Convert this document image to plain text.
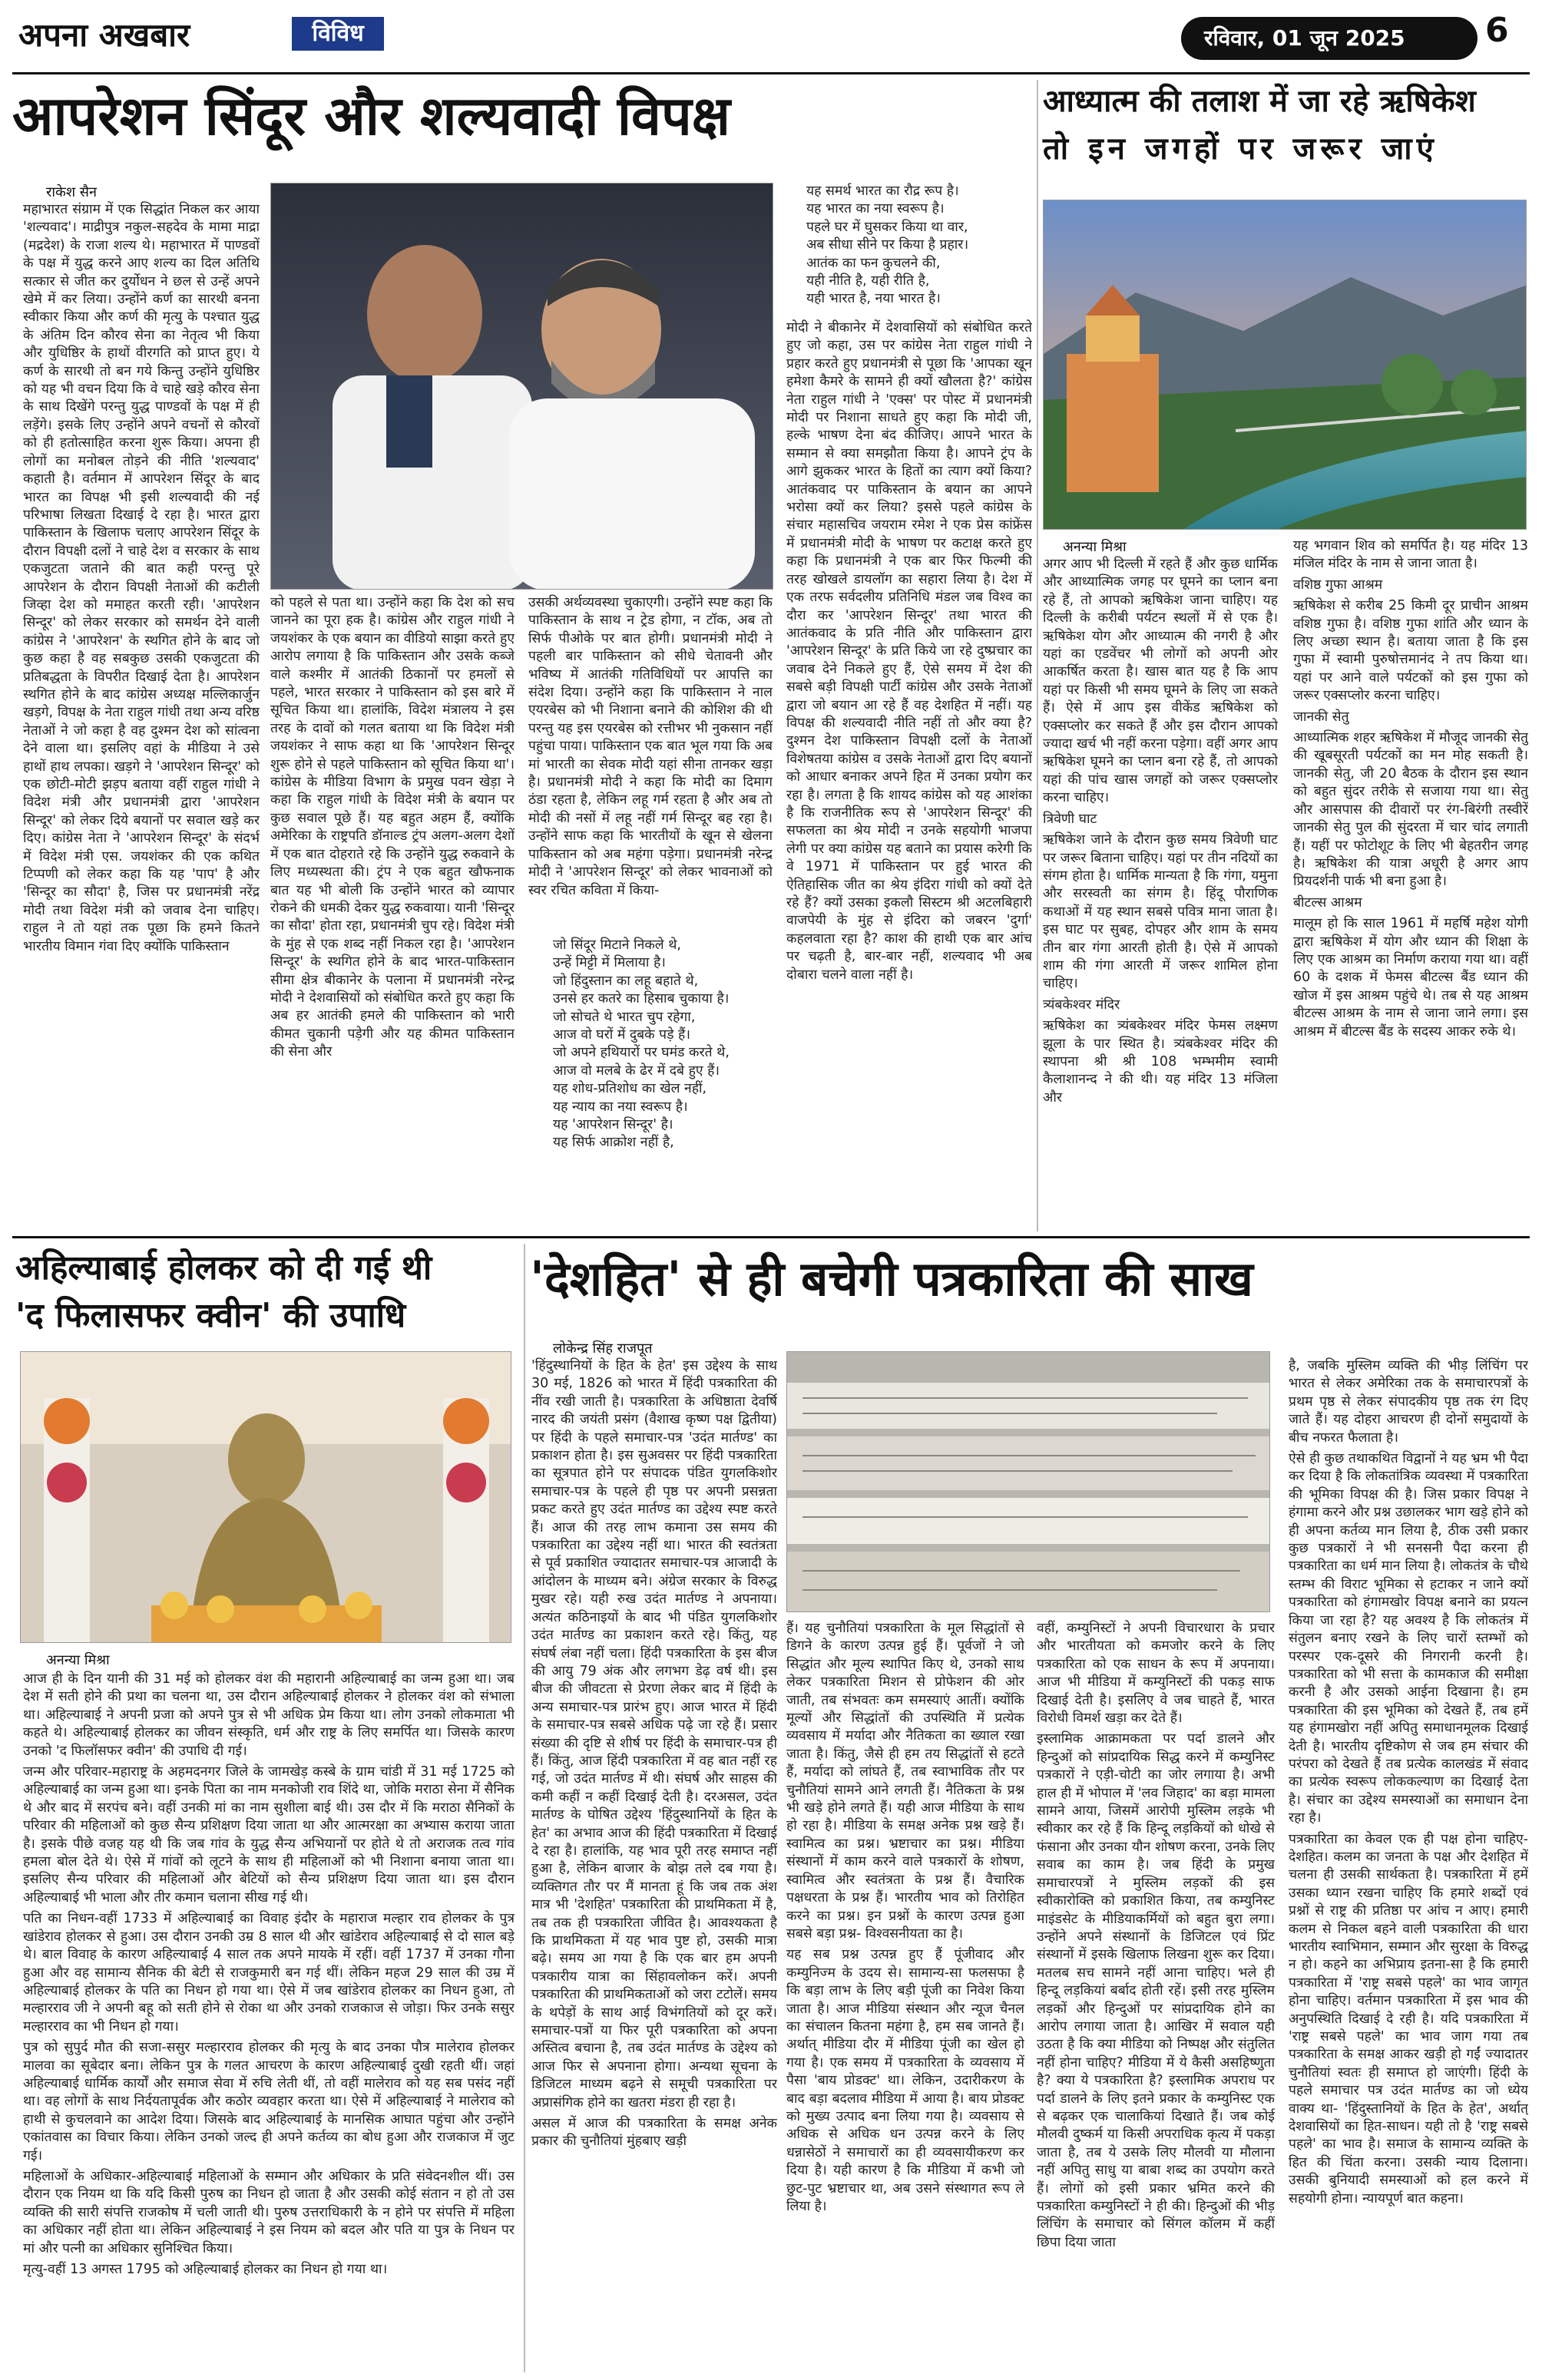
अपना अखबार	विविध	रविवार, 01 जून 2025	6
आपरेशन सिंदूर और शल्यवादी विपक्ष
राकेश सैन
महाभारत संग्राम में एक सिद्धांत निकल कर आया 'शल्यवाद'। माद्रीपुत्र नकुल-सहदेव के मामा माद्रा (मद्रदेश) के राजा शल्य थे। महाभारत में पाण्डवों के पक्ष में युद्ध करने आए शल्य का दिल अतिथि सत्कार से जीत कर दुर्योधन ने छल से उन्हें अपने खेमे में कर लिया। उन्होंने कर्ण का सारथी बनना स्वीकार किया और कर्ण की मृत्यु के पश्चात युद्ध के अंतिम दिन कौरव सेना का नेतृत्व भी किया और युधिष्ठिर के हाथों वीरगति को प्राप्त हुए। ये कर्ण के सारथी तो बन गये किन्तु उन्होंने युधिष्ठिर को यह भी वचन दिया कि वे चाहे खड़े कौरव सेना के साथ दिखेंगे परन्तु युद्ध पाण्डवों के पक्ष में ही लड़ेंगे। इसके लिए उन्होंने अपने वचनों से कौरवों को ही हतोत्साहित करना शुरू किया। अपना ही लोगों का मनोबल तोड़ने की नीति 'शल्यवाद' कहाती है। वर्तमान में आपरेशन सिंदूर के बाद भारत का विपक्ष भी इसी शल्यवादी की नई परिभाषा लिखता दिखाई दे रहा है। भारत द्वारा पाकिस्तान के खिलाफ चलाए आपरेशन सिंदूर के दौरान विपक्षी दलों ने चाहे देश व सरकार के साथ एकजुटता जताने की बात कही परन्तु पूरे आपरेशन के दौरान विपक्षी नेताओं की कटीली जिव्हा देश को ममाहत करती रही। 'आपरेशन सिन्दूर' को लेकर सरकार को समर्थन देने वाली कांग्रेस ने 'आपरेशन' के स्थगित होने के बाद जो कुछ कहा है वह सबकुछ उसकी एकजुटता की प्रतिबद्धता के विपरीत दिखाई देता है। आपरेशन स्थगित होने के बाद कांग्रेस अध्यक्ष मल्लिकार्जुन खड़गे, विपक्ष के नेता राहुल गांधी तथा अन्य वरिष्ठ नेताओं ने जो कहा है वह दुश्मन देश को सांत्वना देने वाला था। इसलिए वहां के मीडिया ने उसे हाथों हाथ लपका। खड़गे ने 'आपरेशन सिन्दूर' को एक छोटी-मोटी झड़प बताया वहीं राहुल गांधी ने विदेश मंत्री और प्रधानमंत्री द्वारा 'आपरेशन सिन्दूर' को लेकर दिये बयानों पर सवाल खड़े कर दिए। कांग्रेस नेता ने 'आपरेशन सिन्दूर' के संदर्भ में विदेश मंत्री एस. जयशंकर की एक कथित टिप्पणी को लेकर कहा कि यह 'पाप' है और 'सिन्दूर का सौदा' है, जिस पर प्रधानमंत्री नरेंद्र मोदी तथा विदेश मंत्री को जवाब देना चाहिए। राहुल ने तो यहां तक पूछा कि हमने कितने भारतीय विमान गंवा दिए क्योंकि पाकिस्तान
को पहले से पता था। उन्होंने कहा कि देश को सच जानने का पूरा हक है। कांग्रेस और राहुल गांधी ने जयशंकर के एक बयान का वीडियो साझा करते हुए आरोप लगाया है कि पाकिस्तान और उसके कब्जे वाले कश्मीर में आतंकी ठिकानों पर हमलों से पहले, भारत सरकार ने पाकिस्तान को इस बारे में सूचित किया था। हालांकि, विदेश मंत्रालय ने इस तरह के दावों को गलत बताया था कि विदेश मंत्री जयशंकर ने साफ कहा था कि 'आपरेशन सिन्दूर शुरू होने से पहले पाकिस्तान को सूचित किया था'। कांग्रेस के मीडिया विभाग के प्रमुख पवन खेड़ा ने कहा कि राहुल गांधी के विदेश मंत्री के बयान पर कुछ सवाल पूछे हैं। यह बहुत अहम हैं, क्योंकि अमेरिका के राष्ट्रपति डॉनाल्ड ट्रंप अलग-अलग देशों में एक बात दोहराते रहे कि उन्होंने युद्ध रुकवाने के लिए मध्यस्थता की। ट्रंप ने एक बहुत खौफनाक बात यह भी बोली कि उन्होंने भारत को व्यापार रोकने की धमकी देकर युद्ध रुकवाया। यानी 'सिन्दूर का सौदा' होता रहा, प्रधानमंत्री चुप रहे। विदेश मंत्री के मुंह से एक शब्द नहीं निकल रहा है। 'आपरेशन सिन्दूर' के स्थगित होने के बाद भारत-पाकिस्तान सीमा क्षेत्र बीकानेर के पलाना में प्रधानमंत्री नरेन्द्र मोदी ने देशवासियों को संबोधित करते हुए कहा कि अब हर आतंकी हमले की पाकिस्तान को भारी कीमत चुकानी पड़ेगी और यह कीमत पाकिस्तान की सेना और
उसकी अर्थव्यवस्था चुकाएगी। उन्होंने स्पष्ट कहा कि पाकिस्तान के साथ न ट्रेड होगा, न टॉक, अब तो सिर्फ पीओके पर बात होगी। प्रधानमंत्री मोदी ने पहली बार पाकिस्तान को सीधे चेतावनी और भविष्य में आतंकी गतिविधियों पर आपत्ति का संदेश दिया। उन्होंने कहा कि पाकिस्तान ने नाल एयरबेस को भी निशाना बनाने की कोशिश की थी परन्तु यह इस एयरबेस को रत्तीभर भी नुकसान नहीं पहुंचा पाया। पाकिस्तान एक बात भूल गया कि अब मां भारती का सेवक मोदी यहां सीना तानकर खड़ा है। प्रधानमंत्री मोदी ने कहा कि मोदी का दिमाग ठंडा रहता है, लेकिन लहू गर्म रहता है और अब तो मोदी की नसों में लहू नहीं गर्म सिन्दूर बह रहा है। उन्होंने साफ कहा कि भारतीयों के खून से खेलना पाकिस्तान को अब महंगा पड़ेगा। प्रधानमंत्री नरेन्द्र मोदी ने 'आपरेशन सिन्दूर' को लेकर भावनाओं को स्वर रचित कविता में किया-

जो सिंदूर मिटाने निकले थे,

उन्हें मिट्टी में मिलाया है।

जो हिंदुस्तान का लहू बहाते थे,

उनसे हर कतरे का हिसाब चुकाया है।

जो सोचते थे भारत चुप रहेगा,

आज वो घरों में दुबके पड़े हैं।

जो अपने हथियारों पर घमंड करते थे,

आज वो मलबे के ढेर में दबे हुए हैं।

यह शोध-प्रतिशोध का खेल नहीं,

यह न्याय का नया स्वरूप है।

यह 'आपरेशन सिन्दूर' है।

यह सिर्फ आक्रोश नहीं है,

यह समर्थ भारत का रौद्र रूप है।

यह भारत का नया स्वरूप है।

पहले घर में घुसकर किया था वार,

अब सीधा सीने पर किया है प्रहार।

आतंक का फन कुचलने की,

यही नीति है, यही रीति है,

यही भारत है, नया भारत है।

मोदी ने बीकानेर में देशवासियों को संबोधित करते हुए जो कहा, उस पर कांग्रेस नेता राहुल गांधी ने प्रहार करते हुए प्रधानमंत्री से पूछा कि 'आपका खून हमेशा कैमरे के सामने ही क्यों खौलता है?' कांग्रेस नेता राहुल गांधी ने 'एक्स' पर पोस्ट में प्रधानमंत्री मोदी पर निशाना साधते हुए कहा कि मोदी जी, हल्के भाषण देना बंद कीजिए। आपने भारत के सम्मान से क्या समझौता किया है। आपने ट्रंप के आगे झुककर भारत के हितों का त्याग क्यों किया? आतंकवाद पर पाकिस्तान के बयान का आपने भरोसा क्यों कर लिया? इससे पहले कांग्रेस के संचार महासचिव जयराम रमेश ने एक प्रेस कांफ्रेंस में प्रधानमंत्री मोदी के भाषण पर कटाक्ष करते हुए कहा कि प्रधानमंत्री ने एक बार फिर फिल्मी की तरह खोखले डायलॉग का सहारा लिया है। देश में एक तरफ सर्वदलीय प्रतिनिधि मंडल जब विश्व का दौरा कर 'आपरेशन सिन्दूर' तथा भारत की आतंकवाद के प्रति नीति और पाकिस्तान द्वारा 'आपरेशन सिन्दूर' के प्रति किये जा रहे दुष्प्रचार का जवाब देने निकले हुए हैं, ऐसे समय में देश की सबसे बड़ी विपक्षी पार्टी कांग्रेस और उसके नेताओं द्वारा जो बयान आ रहे हैं वह देशहित में नहीं। यह विपक्ष की शल्यवादी नीति नहीं तो और क्या है? दुश्मन देश पाकिस्तान विपक्षी दलों के नेताओं विशेषतया कांग्रेस व उसके नेताओं द्वारा दिए बयानों को आधार बनाकर अपने हित में उनका प्रयोग कर रहा है। लगता है कि शायद कांग्रेस को यह आशंका है कि राजनीतिक रूप से 'आपरेशन सिन्दूर' की सफलता का श्रेय मोदी न उनके सहयोगी भाजपा लेगी पर क्या कांग्रेस यह बताने का प्रयास करेगी कि वे 1971 में पाकिस्तान पर हुई भारत की ऐतिहासिक जीत का श्रेय इंदिरा गांधी को क्यों देते रहे हैं? क्यों उसका इकलौ सिस्टम श्री अटलबिहारी वाजपेयी के मुंह से इंदिरा को जबरन 'दुर्गा' कहलवाता रहा है? काश की हाथी एक बार आंच पर चढ़ती है, बार-बार नहीं, शल्यवाद भी अब दोबारा चलने वाला नहीं है।
आध्यात्म की तलाश में जा रहे ऋषिकेश
तो इन जगहों पर जरूर जाएं
अनन्या मिश्रा

अगर आप भी दिल्ली में रहते हैं और कुछ धार्मिक और आध्यात्मिक जगह पर घूमने का प्लान बना रहे हैं, तो आपको ऋषिकेश जाना चाहिए। यह दिल्ली के करीबी पर्यटन स्थलों में से एक है। ऋषिकेश योग और आध्यात्म की नगरी है और यहां का एडवेंचर भी लोगों को अपनी ओर आकर्षित करता है। खास बात यह है कि आप यहां पर किसी भी समय घूमने के लिए जा सकते हैं। ऐसे में आप इस वीकेंड ऋषिकेश को एक्सप्लोर कर सकते हैं और इस दौरान आपको ज्यादा खर्च भी नहीं करना पड़ेगा। वहीं अगर आप ऋषिकेश घूमने का प्लान बना रहे हैं, तो आपको यहां की पांच खास जगहों को जरूर एक्सप्लोर करना चाहिए।

त्रिवेणी घाट

ऋषिकेश जाने के दौरान कुछ समय त्रिवेणी घाट पर जरूर बिताना चाहिए। यहां पर तीन नदियों का संगम होता है। धार्मिक मान्यता है कि गंगा, यमुना और सरस्वती का संगम है। हिंदू पौराणिक कथाओं में यह स्थान सबसे पवित्र माना जाता है। इस घाट पर सुबह, दोपहर और शाम के समय तीन बार गंगा आरती होती है। ऐसे में आपको शाम की गंगा आरती में जरूर शामिल होना चाहिए।

त्र्यंबकेश्वर मंदिर

ऋषिकेश का त्र्यंबकेश्वर मंदिर फेमस लक्ष्मण झूला के पार स्थित है। त्र्यंबकेश्वर मंदिर की स्थापना श्री श्री 108 भम्भमीम स्वामी कैलाशानन्द ने की थी। यह मंदिर 13 मंजिला और

यह भगवान शिव को समर्पित है। यह मंदिर 13 मंजिल मंदिर के नाम से जाना जाता है।

वशिष्ठ गुफा आश्रम

ऋषिकेश से करीब 25 किमी दूर प्राचीन आश्रम वशिष्ठ गुफा है। वशिष्ठ गुफा शांति और ध्यान के लिए अच्छा स्थान है। बताया जाता है कि इस गुफा में स्वामी पुरुषोत्तमानंद ने तप किया था। यहां पर आने वाले पर्यटकों को इस गुफा को जरूर एक्सप्लोर करना चाहिए।

जानकी सेतु

आध्यात्मिक शहर ऋषिकेश में मौजूद जानकी सेतु की खूबसूरती पर्यटकों का मन मोह सकती है। जानकी सेतु, जी 20 बैठक के दौरान इस स्थान को बहुत सुंदर तरीके से सजाया गया था। सेतु और आसपास की दीवारों पर रंग-बिरंगी तस्वीरें जानकी सेतु पुल की सुंदरता में चार चांद लगाती हैं। यहीं पर फोटोशूट के लिए भी बेहतरीन जगह है। ऋषिकेश की यात्रा अधूरी है अगर आप प्रियदर्शनी पार्क भी बना हुआ है।

बीटल्स आश्रम

मालूम हो कि साल 1961 में महर्षि महेश योगी द्वारा ऋषिकेश में योग और ध्यान की शिक्षा के लिए एक आश्रम का निर्माण कराया गया था। वहीं 60 के दशक में फेमस बीटल्स बैंड ध्यान की खोज में इस आश्रम पहुंचे थे। तब से यह आश्रम बीटल्स आश्रम के नाम से जाना जाने लगा। इस आश्रम में बीटल्स बैंड के सदस्य आकर रुके थे।

अहिल्याबाई होलकर को दी गई थी
'द फिलासफर क्वीन' की उपाधि
अनन्या मिश्रा

आज ही के दिन यानी की 31 मई को होलकर वंश की महारानी अहिल्याबाई का जन्म हुआ था। जब देश में सती होने की प्रथा का चलना था, उस दौरान अहिल्याबाई होलकर ने होलकर वंश को संभाला था। अहिल्याबाई ने अपनी प्रजा को अपने पुत्र से भी अधिक प्रेम किया था। लोग उनको लोकमाता भी कहते थे। अहिल्याबाई होलकर का जीवन संस्कृति, धर्म और राष्ट्र के लिए समर्पित था। जिसके कारण उनको 'द फिलॉसफर क्वीन' की उपाधि दी गई।

जन्म और परिवार-महाराष्ट्र के अहमदनगर जिले के जामखेड़ कस्बे के ग्राम चांडी में 31 मई 1725 को अहिल्याबाई का जन्म हुआ था। इनके पिता का नाम मनकोजी राव शिंदे था, जोकि मराठा सेना में सैनिक थे और बाद में सरपंच बने। वहीं उनकी मां का नाम सुशीला बाई थी। उस दौर में कि मराठा सैनिकों के परिवार की महिलाओं को कुछ सैन्य प्रशिक्षण दिया जाता था और आत्मरक्षा का अभ्यास कराया जाता है। इसके पीछे वजह यह थी कि जब गांव के युद्ध सैन्य अभियानों पर होते थे तो अराजक तत्व गांव हमला बोल देते थे। ऐसे में गांवों को लूटने के साथ ही महिलाओं को भी निशाना बनाया जाता था। इसलिए सैन्य परिवार की महिलाओं और बेटियों को सैन्य प्रशिक्षण दिया जाता था। इस दौरान अहिल्याबाई भी भाला और तीर कमान चलाना सीख गई थी।

पति का निधन-वहीं 1733 में अहिल्याबाई का विवाह इंदौर के महाराज मल्हार राव होलकर के पुत्र खांडेराव होलकर से हुआ। उस दौरान उनकी उम्र 8 साल थी और खांडेराव अहिल्याबाई से दो साल बड़े थे। बाल विवाह के कारण अहिल्याबाई 4 साल तक अपने मायके में रहीं। वहीं 1737 में उनका गौना हुआ और वह सामान्य सैनिक की बेटी से राजकुमारी बन गई थीं। लेकिन महज 29 साल की उम्र में अहिल्याबाई होलकर के पति का निधन हो गया था। ऐसे में जब खांडेराव होलकर का निधन हुआ, तो मल्हारराव जी ने अपनी बहू को सती होने से रोका था और उनको राजकाज से जोड़ा। फिर उनके ससुर मल्हारराव का भी निधन हो गया।

पुत्र को सुपुर्द मौत की सजा-ससुर मल्हारराव होलकर की मृत्यु के बाद उनका पौत्र मालेराव होलकर मालवा का सूबेदार बना। लेकिन पुत्र के गलत आचरण के कारण अहिल्याबाई दुखी रहती थीं। जहां अहिल्याबाई धार्मिक कार्यों और समाज सेवा में रुचि लेती थीं, तो वहीं मालेराव को यह सब पसंद नहीं था। वह लोगों के साथ निर्दयतापूर्वक और कठोर व्यवहार करता था। ऐसे में अहिल्याबाई ने मालेराव को हाथी से कुचलवाने का आदेश दिया। जिसके बाद अहिल्याबाई के मानसिक आघात पहुंचा और उन्होंने एकांतवास का विचार किया। लेकिन उनको जल्द ही अपने कर्तव्य का बोध हुआ और राजकाज में जुट गई।

महिलाओं के अधिकार-अहिल्याबाई महिलाओं के सम्मान और अधिकार के प्रति संवेदनशील थीं। उस दौरान एक नियम था कि यदि किसी पुरुष का निधन हो जाता है और उसकी कोई संतान न हो तो उस व्यक्ति की सारी संपत्ति राजकोष में चली जाती थी। पुरुष उत्तराधिकारी के न होने पर संपत्ति में महिला का अधिकार नहीं होता था। लेकिन अहिल्याबाई ने इस नियम को बदल और पति या पुत्र के निधन पर मां और पत्नी का अधिकार सुनिश्चित किया।

मृत्यु-वहीं 13 अगस्त 1795 को अहिल्याबाई होलकर का निधन हो गया था।

'देशहित' से ही बचेगी पत्रकारिता की साख
लोकेन्द्र सिंह राजपूत

'हिंदुस्थानियों के हित के हेत' इस उद्देश्य के साथ 30 मई, 1826 को भारत में हिंदी पत्रकारिता की नींव रखी जाती है। पत्रकारिता के अधिष्ठाता देवर्षि नारद की जयंती प्रसंग (वैशाख कृष्ण पक्ष द्वितीया) पर हिंदी के पहले समाचार-पत्र 'उदंत मार्तण्ड' का प्रकाशन होता है। इस सुअवसर पर हिंदी पत्रकारिता का सूत्रपात होने पर संपादक पंडित युगलकिशोर समाचार-पत्र के पहले ही पृष्ठ पर अपनी प्रसन्नता प्रकट करते हुए उदंत मार्तण्ड का उद्देश्य स्पष्ट करते हैं। आज की तरह लाभ कमाना उस समय की पत्रकारिता का उद्देश्य नहीं था। भारत की स्वतंत्रता से पूर्व प्रकाशित ज्यादातर समाचार-पत्र आजादी के आंदोलन के माध्यम बने। अंग्रेज सरकार के विरुद्ध मुखर रहे। यही रुख उदंत मार्तण्ड ने अपनाया। अत्यंत कठिनाइयों के बाद भी पंडित युगलकिशोर उदंत मार्तण्ड का प्रकाशन करते रहे। किंतु, यह संघर्ष लंबा नहीं चला। हिंदी पत्रकारिता के इस बीज की आयु 79 अंक और लगभग डेढ़ वर्ष थी। इस बीज की जीवटता से प्रेरणा लेकर बाद में हिंदी के अन्य समाचार-पत्र प्रारंभ हुए। आज भारत में हिंदी के समाचार-पत्र सबसे अधिक पढ़े जा रहे हैं। प्रसार संख्या की दृष्टि से शीर्ष पर हिंदी के समाचार-पत्र ही हैं। किंतु, आज हिंदी पत्रकारिता में वह बात नहीं रह गई, जो उदंत मार्तण्ड में थी। संघर्ष और साहस की कमी कहीं न कहीं दिखाई देती है। दरअसल, उदंत मार्तण्ड के घोषित उद्देश्य 'हिंदुस्थानियों के हित के हेत' का अभाव आज की हिंदी पत्रकारिता में दिखाई दे रहा है। हालांकि, यह भाव पूरी तरह समाप्त नहीं हुआ है, लेकिन बाजार के बोझ तले दब गया है। व्यक्तिगत तौर पर मैं मानता हूं कि जब तक अंश मात्र भी 'देशहित' पत्रकारिता की प्राथमिकता में है, तब तक ही पत्रकारिता जीवित है। आवश्यकता है कि प्राथमिकता में यह भाव पुष्ट हो, उसकी मात्रा बढ़े। समय आ गया है कि एक बार हम अपनी पत्रकारीय यात्रा का सिंहावलोकन करें। अपनी पत्रकारिता की प्राथमिकताओं को जरा टटोलें। समय के थपेड़ों के साथ आई विभंगतियों को दूर करें। समाचार-पत्रों या फिर पूरी पत्रकारिता को अपना अस्तित्व बचाना है, तब उदंत मार्तण्ड के उद्देश्य को आज फिर से अपनाना होगा। अन्यथा सूचना के डिजिटल माध्यम बढ़ने से समूची पत्रकारिता पर अप्रासंगिक होने का खतरा मंडरा ही रहा है।

असल में आज की पत्रकारिता के समक्ष अनेक प्रकार की चुनौतियां मुंहबाए खड़ी

हैं। यह चुनौतियां पत्रकारिता के मूल सिद्धांतों से डिगने के कारण उत्पन्न हुई हैं। पूर्वजों ने जो सिद्धांत और मूल्य स्थापित किए थे, उनको साथ लेकर पत्रकारिता मिशन से प्रोफेशन की ओर जाती, तब संभवतः कम समस्याएं आतीं। क्योंकि मूल्यों और सिद्धांतों की उपस्थिति में प्रत्येक व्यवसाय में मर्यादा और नैतिकता का ख्याल रखा जाता है। किंतु, जैसे ही हम तय सिद्धांतों से हटते हैं, मर्यादा को लांघते हैं, तब स्वाभाविक तौर पर चुनौतियां सामने आने लगती हैं। नैतिकता के प्रश्न भी खड़े होने लगते हैं। यही आज मीडिया के साथ हो रहा है। मीडिया के समक्ष अनेक प्रश्न खड़े हैं। स्वामित्व का प्रश्न। भ्रष्टाचार का प्रश्न। मीडिया संस्थानों में काम करने वाले पत्रकारों के शोषण, स्वामित्व और स्वतंत्रता के प्रश्न हैं। वैचारिक पक्षधरता के प्रश्न हैं। भारतीय भाव को तिरोहित करने का प्रश्न। इन प्रश्नों के कारण उत्पन्न हुआ सबसे बड़ा प्रश्न- विश्वसनीयता का है।

यह सब प्रश्न उत्पन्न हुए हैं पूंजीवाद और कम्युनिज्म के उदय से। सामान्य-सा फलसफा है कि बड़ा लाभ के लिए बड़ी पूंजी का निवेश किया जाता है। आज मीडिया संस्थान और न्यूज चैनल का संचालन कितना महंगा है, हम सब जानते हैं। अर्थात् मीडिया दौर में मीडिया पूंजी का खेल हो गया है। एक समय में पत्रकारिता के व्यवसाय में पैसा 'बाय प्रोडक्ट' था। लेकिन, उदारीकरण के बाद बड़ा बदलाव मीडिया में आया है। बाय प्रोडक्ट को मुख्य उत्पाद बना लिया गया है। व्यवसाय से अधिक से अधिक धन उत्पन्न करने के लिए धन्नासेठों ने समाचारों का ही व्यवसायीकरण कर दिया है। यही कारण है कि मीडिया में कभी जो छुट-पुट भ्रष्टाचार था, अब उसने संस्थागत रूप ले लिया है।

वहीं, कम्युनिस्टों ने अपनी विचारधारा के प्रचार और भारतीयता को कमजोर करने के लिए पत्रकारिता को एक साधन के रूप में अपनाया। आज भी मीडिया में कम्युनिस्टों की पकड़ साफ दिखाई देती है। इसलिए वे जब चाहते हैं, भारत विरोधी विमर्श खड़ा कर देते हैं।

इस्लामिक आक्रामकता पर पर्दा डालने और हिन्दुओं को सांप्रदायिक सिद्ध करने में कम्युनिस्ट पत्रकारों ने एड़ी-चोटी का जोर लगाया है। अभी हाल ही में भोपाल में 'लव जिहाद' का बड़ा मामला सामने आया, जिसमें आरोपी मुस्लिम लड़के भी स्वीकार कर रहे हैं कि हिन्दू लड़कियों को धोखे से फंसाना और उनका यौन शोषण करना, उनके लिए सवाब का काम है। जब हिंदी के प्रमुख समाचारपत्रों ने मुस्लिम लड़कों की इस स्वीकारोक्ति को प्रकाशित किया, तब कम्युनिस्ट माइंडसेट के मीडियाकर्मियों को बहुत बुरा लगा। उन्होंने अपने संस्थानों के डिजिटल एवं प्रिंट संस्थानों में इसके खिलाफ लिखना शुरू कर दिया। मतलब सच सामने नहीं आना चाहिए। भले ही हिन्दू लड़कियां बर्बाद होती रहें। इसी तरह मुस्लिम लड़कों और हिन्दुओं पर सांप्रदायिक होने का आरोप लगाया जाता है। आखिर में सवाल यही उठता है कि क्या मीडिया को निष्पक्ष और संतुलित नहीं होना चाहिए? मीडिया में ये कैसी असहिष्णुता है? क्या ये पत्रकारिता है? इस्लामिक अपराध पर पर्दा डालने के लिए इतने प्रकार के कम्युनिस्ट एक से बढ़कर एक चालाकियां दिखाते हैं। जब कोई मौलवी दुष्कर्म या किसी अपराधिक कृत्य में पकड़ा जाता है, तब ये उसके लिए मौलवी या मौलाना नहीं अपितु साधु या बाबा शब्द का उपयोग करते हैं। लोगों को इसी प्रकार भ्रमित करने की पत्रकारिता कम्युनिस्टों ने ही की। हिन्दुओं की भीड़ लिंचिंग के समाचार को सिंगल कॉलम में कहीं छिपा दिया जाता

है, जबकि मुस्लिम व्यक्ति की भीड़ लिंचिंग पर भारत से लेकर अमेरिका तक के समाचारपत्रों के प्रथम पृष्ठ से लेकर संपादकीय पृष्ठ तक रंग दिए जाते हैं। यह दोहरा आचरण ही दोनों समुदायों के बीच नफरत फैलाता है।

ऐसे ही कुछ तथाकथित विद्वानों ने यह भ्रम भी पैदा कर दिया है कि लोकतांत्रिक व्यवस्था में पत्रकारिता की भूमिका विपक्ष की है। जिस प्रकार विपक्ष ने हंगामा करने और प्रश्न उछालकर भाग खड़े होने को ही अपना कर्तव्य मान लिया है, ठीक उसी प्रकार कुछ पत्रकारों ने भी सनसनी पैदा करना ही पत्रकारिता का धर्म मान लिया है। लोकतंत्र के चौथे स्तम्भ की विराट भूमिका से हटाकर न जाने क्यों पत्रकारिता को हंगामखोर विपक्ष बनाने का प्रयत्न किया जा रहा है? यह अवश्य है कि लोकतंत्र में संतुलन बनाए रखने के लिए चारों स्तम्भों को परस्पर एक-दूसरे की निगरानी करनी है। पत्रकारिता को भी सत्ता के कामकाज की समीक्षा करनी है और उसको आईना दिखाना है। हम पत्रकारिता की इस भूमिका को देखते हैं, तब हमें यह हंगामखोरा नहीं अपितु समाधानमूलक दिखाई देती है। भारतीय दृष्टिकोण से जब हम संचार की परंपरा को देखते हैं तब प्रत्येक कालखंड में संवाद का प्रत्येक स्वरूप लोककल्याण का दिखाई देता है। संचार का उद्देश्य समस्याओं का समाधान देना रहा है।

पत्रकारिता का केवल एक ही पक्ष होना चाहिए- देशहित। कलम का जनता के पक्ष और देशहित में चलना ही उसकी सार्थकता है। पत्रकारिता में हमें उसका ध्यान रखना चाहिए कि हमारे शब्दों एवं प्रश्नों से राष्ट्र की प्रतिष्ठा पर आंच न आए। हमारी कलम से निकल बहने वाली पत्रकारिता की धारा भारतीय स्वाभिमान, सम्मान और सुरक्षा के विरुद्ध न हो। कहने का अभिप्राय इतना-सा है कि हमारी पत्रकारिता में 'राष्ट्र सबसे पहले' का भाव जागृत होना चाहिए। वर्तमान पत्रकारिता में इस भाव की अनुपस्थिति दिखाई दे रही है। यदि पत्रकारिता में 'राष्ट्र सबसे पहले' का भाव जाग गया तब पत्रकारिता के समक्ष आकर खड़ी हो गईं ज्यादातर चुनौतियां स्वतः ही समाप्त हो जाएंगी। हिंदी के पहले समाचार पत्र उदंत मार्तण्ड का जो ध्येय वाक्य था- 'हिंदुस्तानियों के हित के हेत', अर्थात् देशवासियों का हित-साधन। यही तो है 'राष्ट्र सबसे पहले' का भाव है। समाज के सामान्य व्यक्ति के हित की चिंता करना। उसकी न्याय दिलाना। उसकी बुनियादी समस्याओं को हल करने में सहयोगी होना। न्यायपूर्ण बात कहना।
